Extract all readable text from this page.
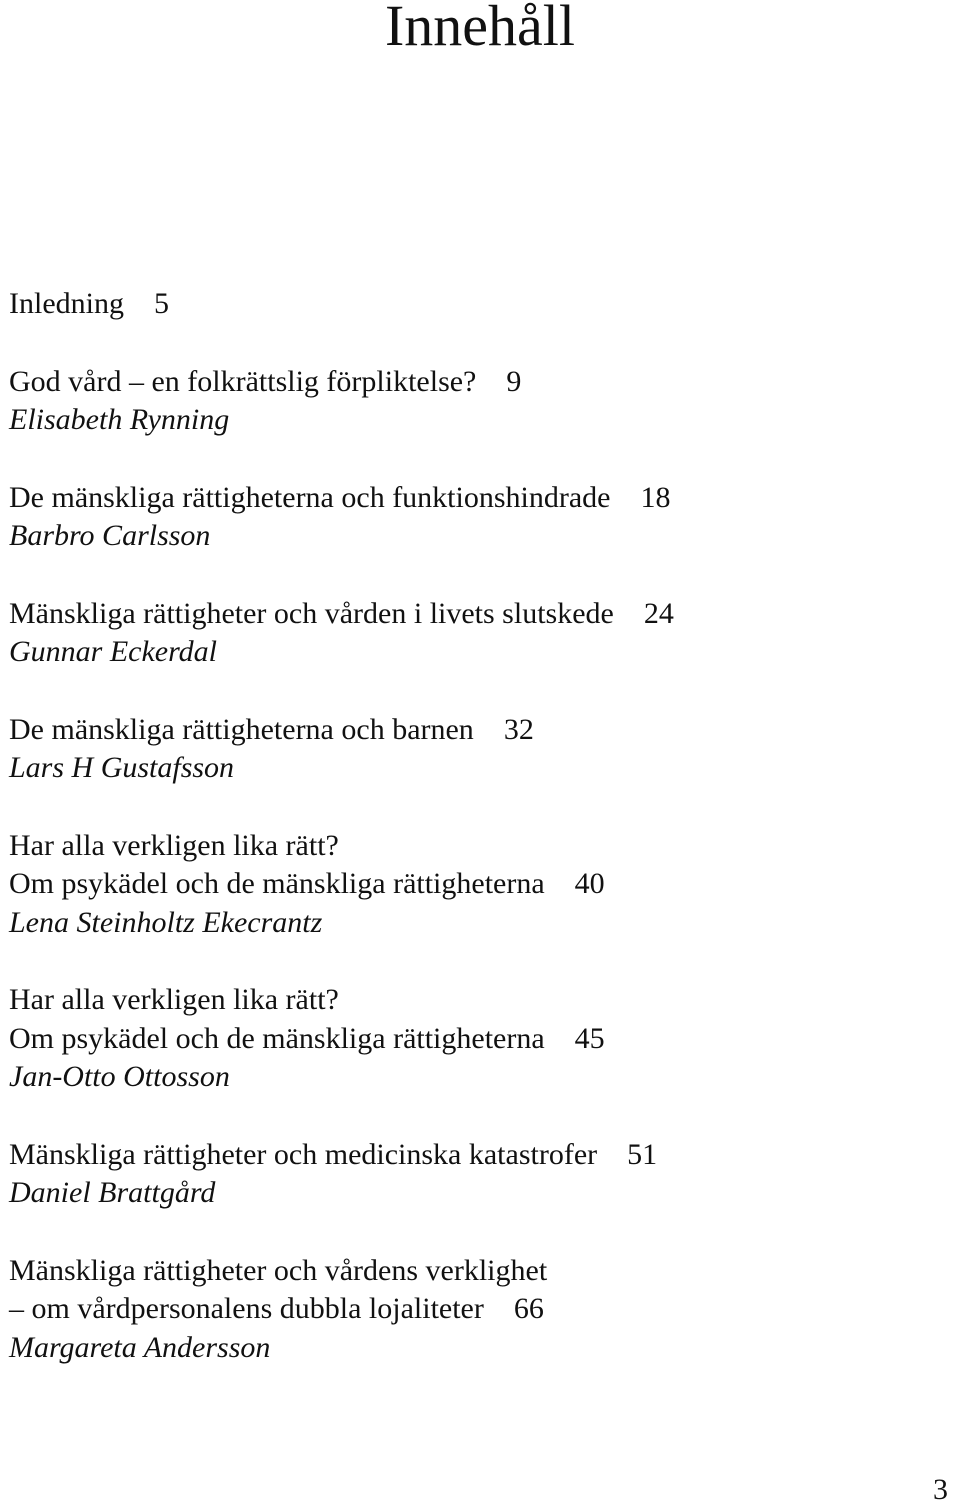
Innehåll
Inledning 5
God vård – en folkrättslig förpliktelse? 9
Elisabeth Rynning
De mänskliga rättigheterna och funktionshindrade 18
Barbro Carlsson
Mänskliga rättigheter och vården i livets slutskede 24
Gunnar Eckerdal
De mänskliga rättigheterna och barnen 32
Lars H Gustafsson
Har alla verkligen lika rätt?
Om psykädel och de mänskliga rättigheterna 40
Lena Steinholtz Ekecrantz
Har alla verkligen lika rätt?
Om psykädel och de mänskliga rättigheterna 45
Jan-Otto Ottosson
Mänskliga rättigheter och medicinska katastrofer 51
Daniel Brattgård
Mänskliga rättigheter och vårdens verklighet
– om vårdpersonalens dubbla lojaliteter 66
Margareta Andersson
3
